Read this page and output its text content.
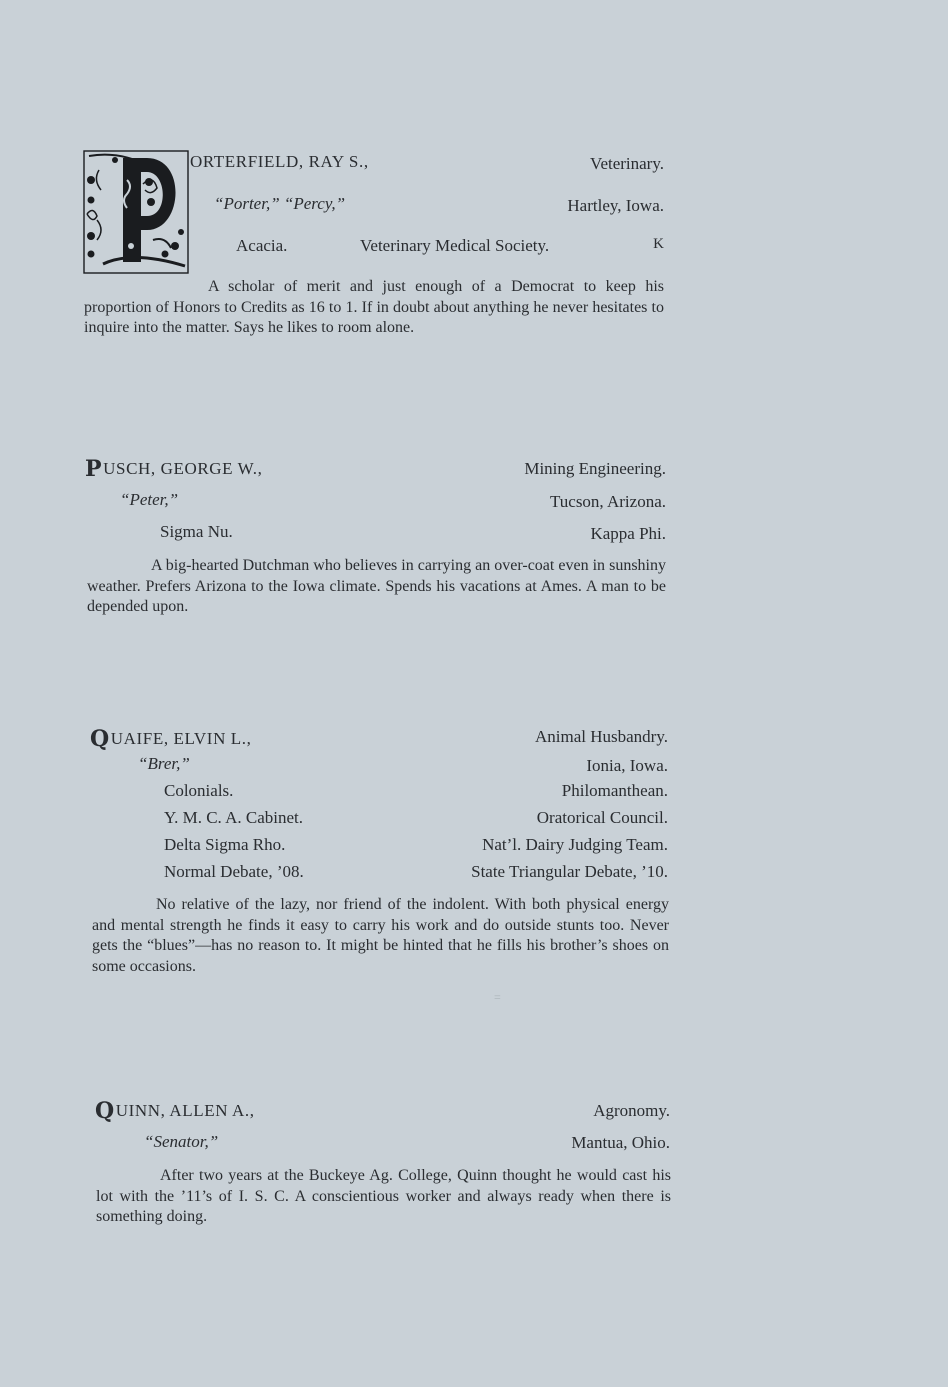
ORTERFIELD, RAY S.,	Veterinary.
“Porter,” “Percy,”	Hartley, Iowa.
Acacia.	Veterinary Medical Society.	K

A scholar of merit and just enough of a Democrat to keep his proportion of Honors to Credits as 16 to 1. If in doubt about anything he never hesitates to inquire into the matter. Says he likes to room alone.

PUSCH, GEORGE W.,	Mining Engineering.
“Peter,”	Tucson, Arizona.
Sigma Nu.	Kappa Phi.

A big-hearted Dutchman who believes in carrying an over-coat even in sunshiny weather. Prefers Arizona to the Iowa climate. Spends his vacations at Ames. A man to be depended upon.

QUAIFE, ELVIN L.,	Animal Husbandry.
“Brer,”	Ionia, Iowa.
Colonials.	Philomanthean.
Y. M. C. A. Cabinet.	Oratorical Council.
Delta Sigma Rho.	Nat’l. Dairy Judging Team.
Normal Debate, ’08.	State Triangular Debate, ’10.

No relative of the lazy, nor friend of the indolent. With both physical energy and mental strength he finds it easy to carry his work and do outside stunts too. Never gets the “blues”—has no reason to. It might be hinted that he fills his brother’s shoes on some occasions.

QUINN, ALLEN A.,	Agronomy.
“Senator,”	Mantua, Ohio.

After two years at the Buckeye Ag. College, Quinn thought he would cast his lot with the ’11’s of I. S. C. A conscientious worker and always ready when there is something doing.

=
